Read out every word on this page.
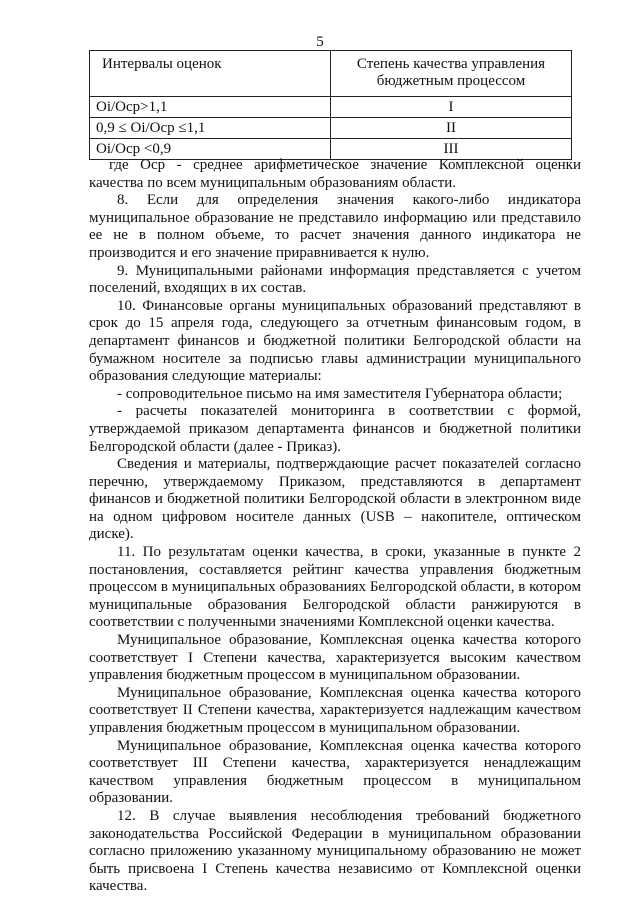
5
Интервалы оценок	Степень качества управления бюджетным процессом
Oi/Oср>1,1	I
0,9 ≤ Oi/Oср ≤1,1	II
Oi/Oср <0,9	III

где Оср - среднее арифметическое значение Комплексной оценки качества по всем муниципальным образованиям области.

8. Если для определения значения какого-либо индикатора муниципальное образование не представило информацию или представило ее не в полном объеме, то расчет значения данного индикатора не производится и его значение приравнивается к нулю.

9. Муниципальными районами информация представляется с учетом поселений, входящих в их состав.

10. Финансовые органы муниципальных образований представляют в срок до 15 апреля года, следующего за отчетным финансовым годом, в департамент финансов и бюджетной политики Белгородской области на бумажном носителе за подписью главы администрации муниципального образования следующие материалы:

- сопроводительное письмо на имя заместителя Губернатора области;

- расчеты показателей мониторинга в соответствии с формой, утверждаемой приказом департамента финансов и бюджетной политики Белгородской области (далее - Приказ).

Сведения и материалы, подтверждающие расчет показателей согласно перечню, утверждаемому Приказом, представляются в департамент финансов и бюджетной политики Белгородской области в электронном виде на одном цифровом носителе данных (USB – накопителе, оптическом диске).

11. По результатам оценки качества, в сроки, указанные в пункте 2 постановления, составляется рейтинг качества управления бюджетным процессом в муниципальных образованиях Белгородской области, в котором муниципальные образования Белгородской области ранжируются в соответствии с полученными значениями Комплексной оценки качества.

Муниципальное образование, Комплексная оценка качества которого соответствует I Степени качества, характеризуется высоким качеством управления бюджетным процессом в муниципальном образовании.

Муниципальное образование, Комплексная оценка качества которого соответствует II Степени качества, характеризуется надлежащим качеством управления бюджетным процессом в муниципальном образовании.

Муниципальное образование, Комплексная оценка качества которого соответствует III Степени качества, характеризуется ненадлежащим качеством управления бюджетным процессом в муниципальном образовании.

12. В случае выявления несоблюдения требований бюджетного законодательства Российской Федерации в муниципальном образовании согласно приложению указанному муниципальному образованию не может быть присвоена I Степень качества независимо от Комплексной оценки качества.
